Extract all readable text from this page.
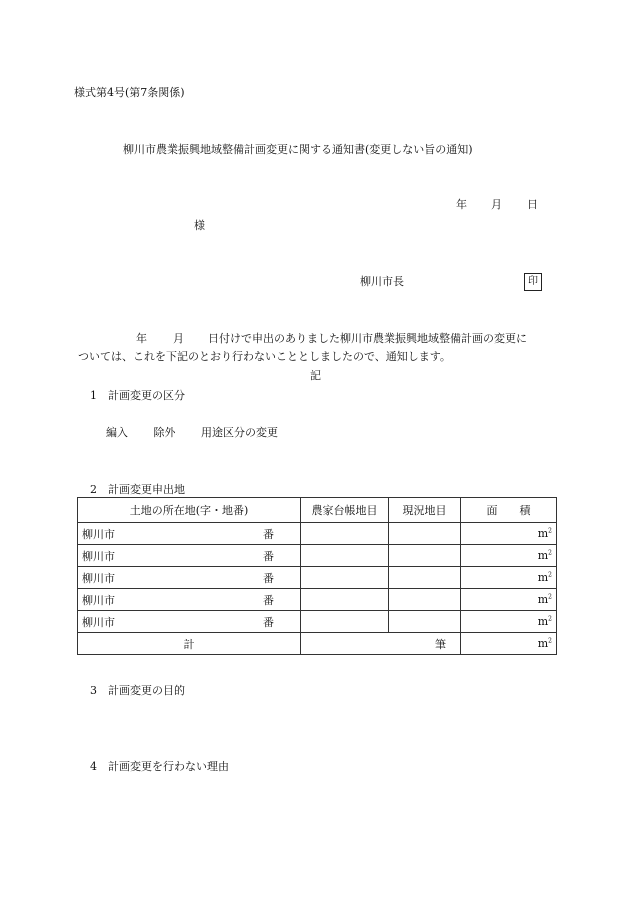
様式第4号(第7条関係)
柳川市農業振興地域整備計画変更に関する通知書(変更しない旨の通知)
年 月 日
様
柳川市長	印
年 月 日付けで申出のありました柳川市農業振興地域整備計画の変更に
ついては、これを下記のとおり行わないこととしましたので、通知します。
記
1　計画変更の区分
編入 除外 用途区分の変更
2　計画変更申出地
土地の所在地(字・地番)	農家台帳地目	現況地目	面　　積

柳川市 番			$m^2$

柳川市 番			$m^2$

柳川市 番			$m^2$

柳川市 番			$m^2$

柳川市 番			$m^2$
計	筆		$m^2$
3　計画変更の目的
4　計画変更を行わない理由
